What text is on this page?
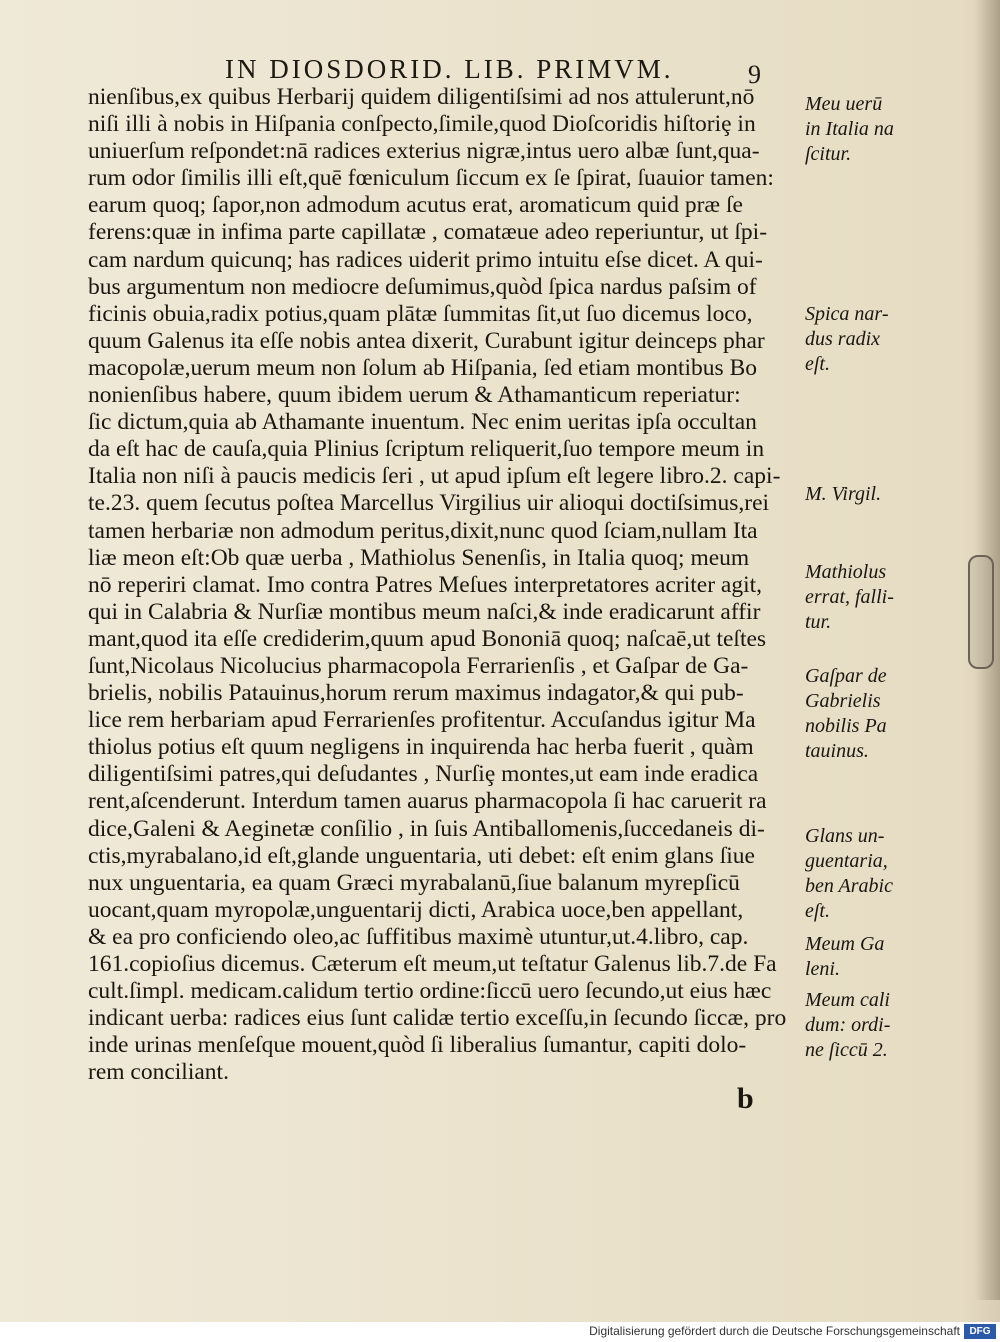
IN DIOSDORID. LIB. PRIMVM.	9
nienſibus,ex quibus Herbarij quidem diligentiſsimi ad nos attulerunt,nō
niſi illi à nobis in Hiſpania conſpecto,ſimile,quod Dioſcoridis hiſtoriȩ in
uniuerſum reſpondet:nā radices exterius nigræ,intus uero albæ ſunt,qua-
rum odor ſimilis illi eſt,quē fœniculum ſiccum ex ſe ſpirat, ſuauior tamen:
earum quoq; ſapor,non admodum acutus erat, aromaticum quid præ ſe
ferens:quæ in infima parte capillatæ , comatæue adeo reperiuntur, ut ſpi-
cam nardum quicunq; has radices uiderit primo intuitu eſse dicet. A qui-
bus argumentum non mediocre deſumimus,quòd ſpica nardus paſsim of
ficinis obuia,radix potius,quam plātæ ſummitas ſit,ut ſuo dicemus loco,
quum Galenus ita eſſe nobis antea dixerit, Curabunt igitur deinceps phar
macopolæ,uerum meum non ſolum ab Hiſpania, ſed etiam montibus Bo
nonienſibus habere, quum ibidem uerum & Athamanticum reperiatur:
ſic dictum,quia ab Athamante inuentum. Nec enim ueritas ipſa occultan
da eſt hac de cauſa,quia Plinius ſcriptum reliquerit,ſuo tempore meum in
Italia non niſi à paucis medicis ſeri , ut apud ipſum eſt legere libro.2. capi-
te.23. quem ſecutus poſtea Marcellus Virgilius uir alioqui doctiſsimus,rei
tamen herbariæ non admodum peritus,dixit,nunc quod ſciam,nullam Ita
liæ meon eſt:Ob quæ uerba , Mathiolus Senenſis, in Italia quoq; meum
nō reperiri clamat. Imo contra Patres Meſues interpretatores acriter agit,
qui in Calabria & Nurſiæ montibus meum naſci,& inde eradicarunt affir
mant,quod ita eſſe crediderim,quum apud Bononiā quoq; naſcaē,ut teſtes
ſunt,Nicolaus Nicolucius pharmacopola Ferrarienſis , et Gaſpar de Ga-
brielis, nobilis Patauinus,horum rerum maximus indagator,& qui pub-
lice rem herbariam apud Ferrarienſes profitentur. Accuſandus igitur Ma
thiolus potius eſt quum negligens in inquirenda hac herba fuerit , quàm
diligentiſsimi patres,qui deſudantes , Nurſiȩ montes,ut eam inde eradica
rent,aſcenderunt. Interdum tamen auarus pharmacopola ſi hac caruerit ra
dice,Galeni & Aeginetæ conſilio , in ſuis Antiballomenis,ſuccedaneis di-
ctis,myrabalano,id eſt,glande unguentaria, uti debet: eſt enim glans ſiue
nux unguentaria, ea quam Græci myrabalanū,ſiue balanum myrepſicū
uocant,quam myropolæ,unguentarij dicti, Arabica uoce,ben appellant,
& ea pro conficiendo oleo,ac ſuffitibus maximè utuntur,ut.4.libro, cap.
161.copioſius dicemus. Cæterum eſt meum,ut teſtatur Galenus lib.7.de Fa
cult.ſimpl. medicam.calidum tertio ordine:ſiccū uero ſecundo,ut eius hæc
indicant uerba: radices eius ſunt calidæ tertio exceſſu,in ſecundo ſiccæ, pro
inde urinas menſeſque mouent,quòd ſi liberalius ſumantur, capiti dolo-
rem conciliant.
Meu uerū
in Italia na
ſcitur.
Spica nar-
dus radix
eſt.
M. Virgil.
Mathiolus
errat, falli-
tur.
Gaſpar de
Gabrielis
nobilis Pa
tauinus.
Glans un-
guentaria,
ben Arabic
eſt.
Meum Ga
leni.
Meum cali
dum: ordi-
ne ſiccū 2.
b
Digitalisierung gefördert durch die Deutsche Forschungsgemeinschaft DFG
